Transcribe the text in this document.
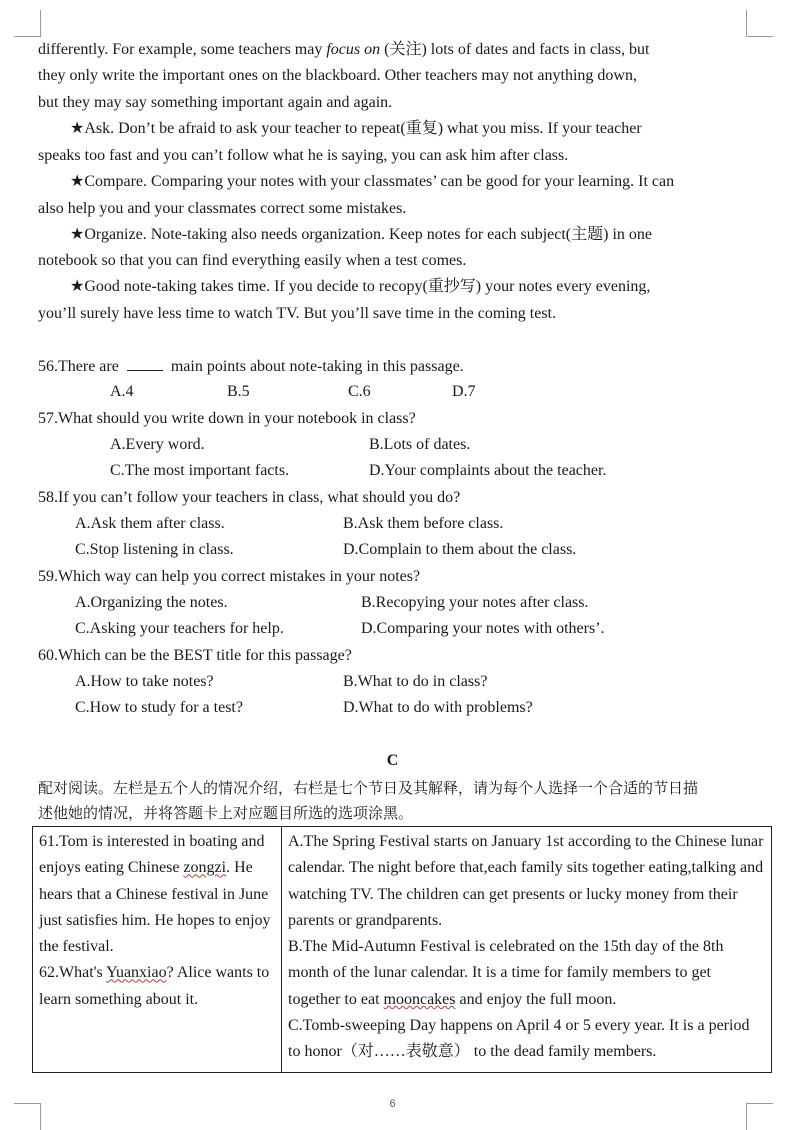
differently. For example, some teachers may focus on (关注) lots of dates and facts in class, but
they only write the important ones on the blackboard. Other teachers may not anything down,
but they may say something important again and again.
★Ask. Don’t be afraid to ask your teacher to repeat(重复) what you miss. If your teacher
speaks too fast and you can’t follow what he is saying, you can ask him after class.
★Compare. Comparing your notes with your classmates’ can be good for your learning. It can
also help you and your classmates correct some mistakes.
★Organize. Note-taking also needs organization. Keep notes for each subject(主题) in one
notebook so that you can find everything easily when a test comes.
★Good note-taking takes time. If you decide to recopy(重抄写) your notes every evening,
you’ll surely have less time to watch TV. But you’ll save time in the coming test.
56.There are	main points about note-taking in this passage.
A.4	B.5	C.6	D.7
57.What should you write down in your notebook in class?
A.Every word.	B.Lots of dates.
C.The most important facts.	D.Your complaints about the teacher.
58.If you can’t follow your teachers in class, what should you do?
A.Ask them after class.	B.Ask them before class.
C.Stop listening in class.	D.Complain to them about the class.
59.Which way can help you correct mistakes in your notes?
A.Organizing the notes.	B.Recopying your notes after class.
C.Asking your teachers for help.	D.Comparing your notes with others’.
60.Which can be the BEST title for this passage?
A.How to take notes?	B.What to do in class?
C.How to study for a test?	D.What to do with problems?
C
配对阅读。左栏是五个人的情况介绍，右栏是七个节日及其解释，请为每个人选择一个合适的节日描
述他她的情况，并将答题卡上对应题目所选的选项涂黑。
61.Tom is interested in boating and enjoys eating Chinese zongzi. He hears that a Chinese festival in June just satisfies him. He hopes to enjoy the festival.
62.What's Yuanxiao? Alice wants to learn something about it.

A.The Spring Festival starts on January 1st according to the Chinese lunar calendar. The night before that,each family sits together eating,talking and watching TV. The children can get presents or lucky money from their parents or grandparents.
B.The Mid-Autumn Festival is celebrated on the 15th day of the 8th month of the lunar calendar. It is a time for family members to get together to eat mooncakes and enjoy the full moon.
C.Tomb-sweeping Day happens on April 4 or 5 every year. It is a period to honor（对……表敬意） to the dead family members.
6
